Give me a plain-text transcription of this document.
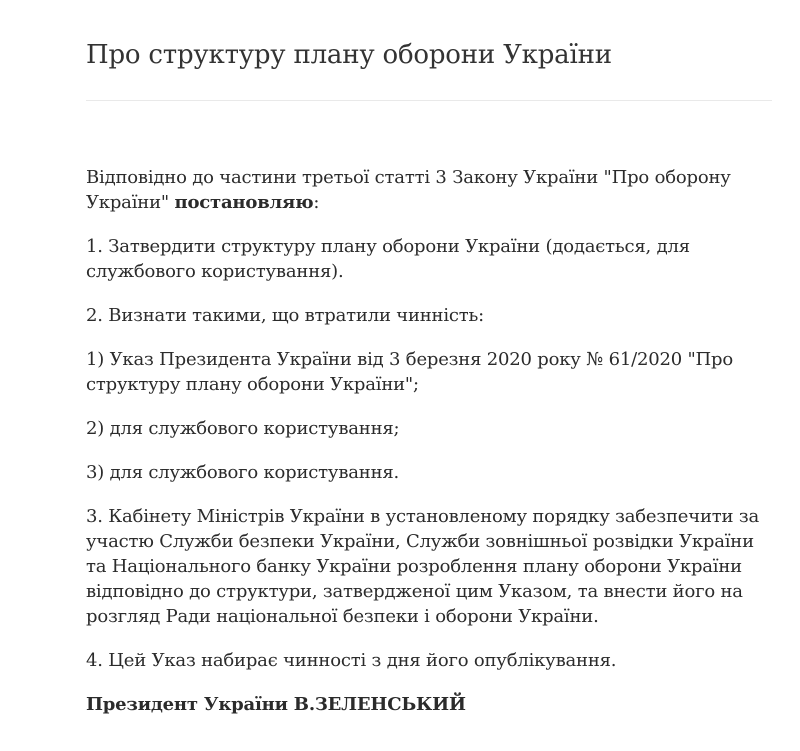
Про структуру плану оборони України

Відповідно до частини третьої статті 3 Закону України "Про оборону України" постановляю:

1. Затвердити структуру плану оборони України (додається, для службового користування).

2. Визнати такими, що втратили чинність:

1) Указ Президента України від 3 березня 2020 року № 61/2020 "Про структуру плану оборони України";

2) для службового користування;

3) для службового користування.

3. Кабінету Міністрів України в установленому порядку забезпечити за участю Служби безпеки України, Служби зовнішньої розвідки України та Національного банку України розроблення плану оборони України відповідно до структури, затвердженої цим Указом, та внести його на розгляд Ради національної безпеки і оборони України.

4. Цей Указ набирає чинності з дня його опублікування.

Президент України В.ЗЕЛЕНСЬКИЙ
